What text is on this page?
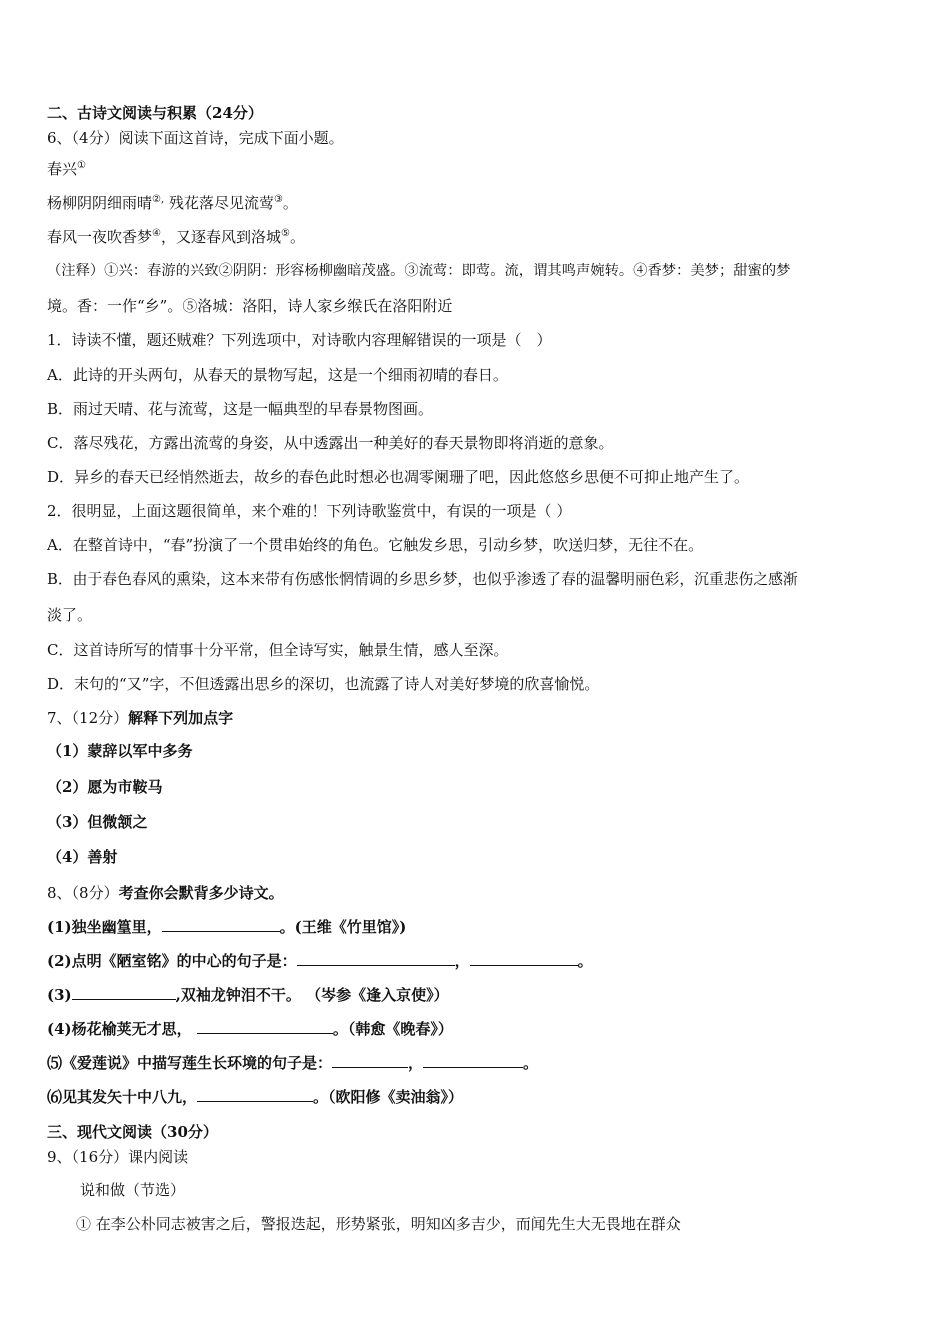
二、古诗文阅读与积累（24分）
6、（4分）阅读下面这首诗，完成下面小题。
春兴①
杨柳阴阴细雨晴②, 残花落尽见流莺③。
春风一夜吹香梦④，又逐春风到洛城⑤。
（注释）①兴：春游的兴致②阴阴：形容杨柳幽暗茂盛。③流莺：即莺。流，谓其鸣声婉转。④香梦：美梦；甜蜜的梦
境。香：一作“乡”。⑤洛城：洛阳，诗人家乡缑氏在洛阳附近
1．诗读不懂，题还贼难？下列选项中，对诗歌内容理解错误的一项是（　）
A．此诗的开头两句，从春天的景物写起，这是一个细雨初晴的春日。
B．雨过天晴、花与流莺，这是一幅典型的早春景物图画。
C．落尽残花，方露出流莺的身姿，从中透露出一种美好的春天景物即将消逝的意象。
D．异乡的春天已经悄然逝去，故乡的春色此时想必也凋零阑珊了吧，因此悠悠乡思便不可抑止地产生了。
2．很明显，上面这题很简单，来个难的！下列诗歌鉴赏中，有误的一项是（ ）
A．在整首诗中，“春”扮演了一个贯串始终的角色。它触发乡思，引动乡梦，吹送归梦，无往不在。
B．由于春色春风的熏染，这本来带有伤感怅惘情调的乡思乡梦，也似乎渗透了春的温馨明丽色彩，沉重悲伤之感渐
淡了。
C．这首诗所写的情事十分平常，但全诗写实，触景生情，感人至深。
D．末句的“又”字，不但透露出思乡的深切，也流露了诗人对美好梦境的欣喜愉悦。
7、（12分）解释下列加点字
（1）蒙辞以军中多务
（2）愿为市鞍马
（3）但微颔之
（4）善射
8、（8分）考查你会默背多少诗文。
(1)独坐幽篁里，	。(王维《竹里馆》)
(2)点明《陋室铭》的中心的句子是：	，	。
(3)	,双袖龙钟泪不干。 （岑参《逢入京使》）
(4)杨花榆荚无才思，	。（韩愈《晚春》）
⑸《爱莲说》中描写莲生长环境的句子是：	，	。
⑹见其发矢十中八九，	。（欧阳修《卖油翁》）
三、现代文阅读（30分）
9、（16分）课内阅读
说和做（节选）
① 在李公朴同志被害之后，警报迭起，形势紧张，明知凶多吉少，而闻先生大无畏地在群众
